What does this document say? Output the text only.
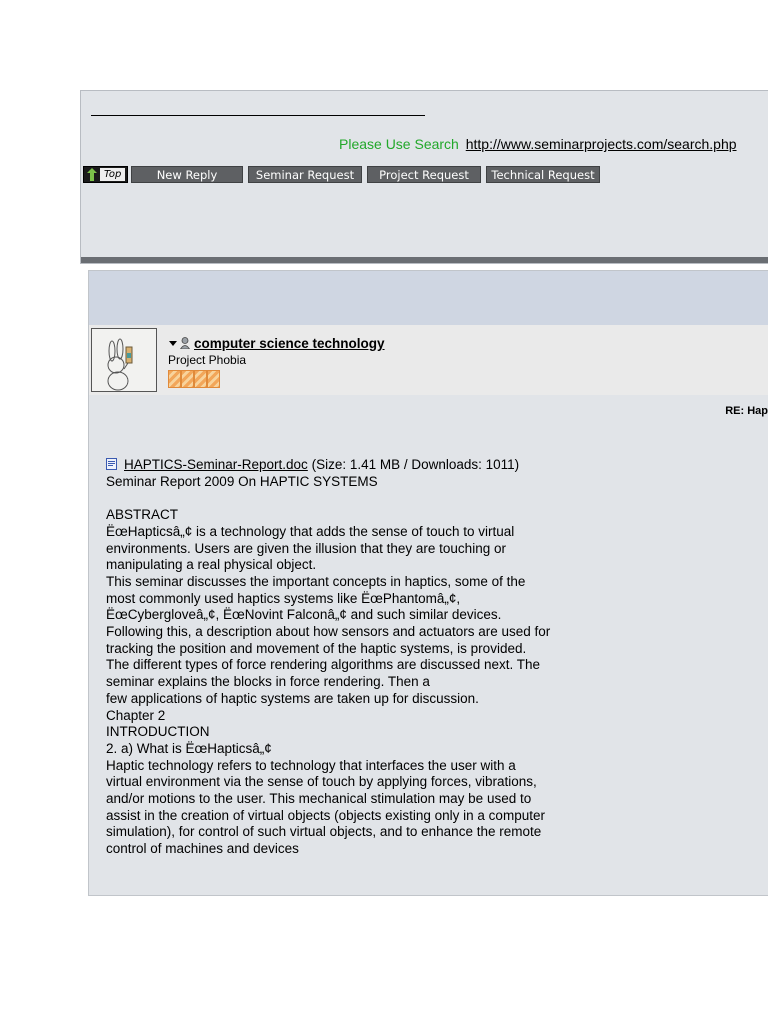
Please Use Search http://www.seminarprojects.com/search.php
Top	New Reply	Seminar Request	Project Request	Technical Request
computer science technology
Project Phobia
RE: Hap

HAPTICS-Seminar-Report.doc (Size: 1.41 MB / Downloads: 1011)

Seminar Report 2009 On HAPTIC SYSTEMS

ABSTRACT

ËœHapticsâ„¢ is a technology that adds the sense of touch to virtual environments. Users are given the illusion that they are touching or manipulating a real physical object.

This seminar discusses the important concepts in haptics, some of the most commonly used haptics systems like ËœPhantomâ„¢, ËœCybergloveâ„¢, ËœNovint Falconâ„¢ and such similar devices. Following this, a description about how sensors and actuators are used for tracking the position and movement of the haptic systems, is provided.

The different types of force rendering algorithms are discussed next. The seminar explains the blocks in force rendering. Then a

few applications of haptic systems are taken up for discussion.

Chapter 2

INTRODUCTION

2. a) What is ËœHapticsâ„¢

Haptic technology refers to technology that interfaces the user with a virtual environment via the sense of touch by applying forces, vibrations, and/or motions to the user. This mechanical stimulation may be used to assist in the creation of virtual objects (objects existing only in a computer simulation), for control of such virtual objects, and to enhance the remote control of machines and devices
